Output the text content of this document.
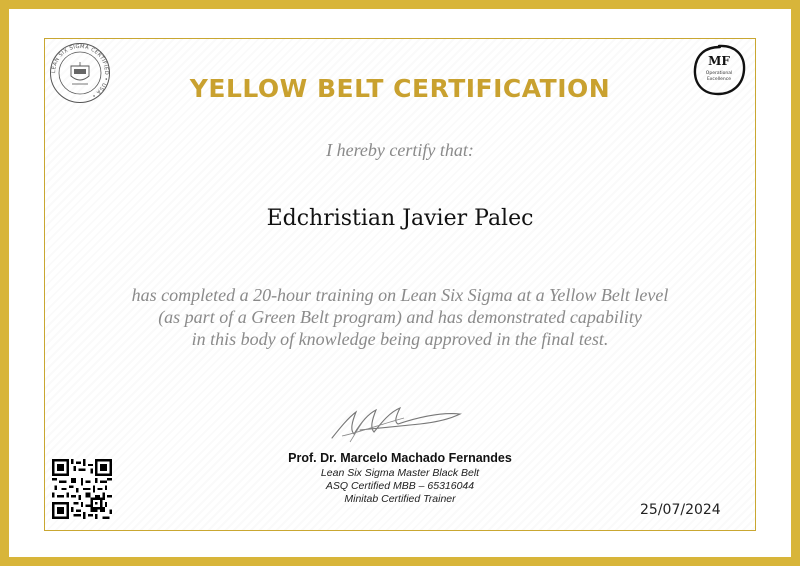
LEAN SIX SIGMA CERTIFIED • USA •
MF
Operational
Excellence
YELLOW BELT CERTIFICATION
I hereby certify that:
Edchristian Javier Palec
has completed a 20-hour training on Lean Six Sigma at a Yellow Belt level
(as part of a Green Belt program) and has demonstrated capability
in this body of knowledge being approved in the final test.
Prof. Dr. Marcelo Machado Fernandes
Lean Six Sigma Master Black Belt
ASQ Certified MBB – 65316044
Minitab Certified Trainer
25/07/2024
